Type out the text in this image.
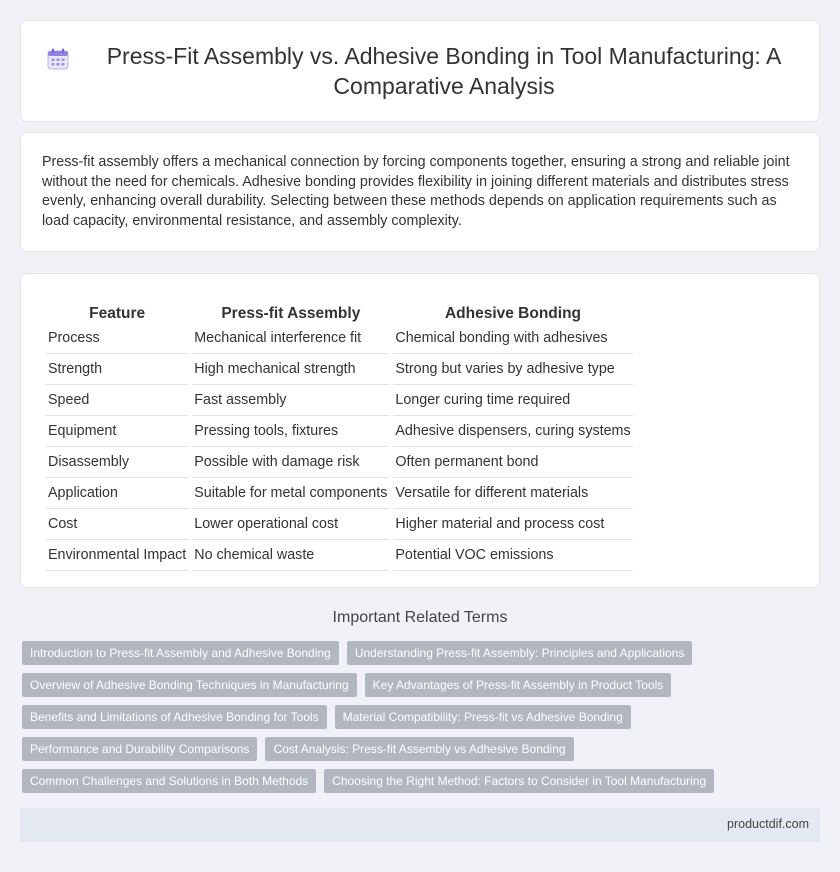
Press-Fit Assembly vs. Adhesive Bonding in Tool Manufacturing: A Comparative Analysis

Press-fit assembly offers a mechanical connection by forcing components together, ensuring a strong and reliable joint without the need for chemicals. Adhesive bonding provides flexibility in joining different materials and distributes stress evenly, enhancing overall durability. Selecting between these methods depends on application requirements such as load capacity, environmental resistance, and assembly complexity.

Feature	Press-fit Assembly	Adhesive Bonding
Process	Mechanical interference fit	Chemical bonding with adhesives
Strength	High mechanical strength	Strong but varies by adhesive type
Speed	Fast assembly	Longer curing time required
Equipment	Pressing tools, fixtures	Adhesive dispensers, curing systems
Disassembly	Possible with damage risk	Often permanent bond
Application	Suitable for metal components	Versatile for different materials
Cost	Lower operational cost	Higher material and process cost
Environmental Impact	No chemical waste	Potential VOC emissions
Important Related Terms
Introduction to Press-fit Assembly and Adhesive Bonding	Understanding Press-fit Assembly: Principles and Applications
Overview of Adhesive Bonding Techniques in Manufacturing	Key Advantages of Press-fit Assembly in Product Tools
Benefits and Limitations of Adhesive Bonding for Tools	Material Compatibility: Press-fit vs Adhesive Bonding
Performance and Durability Comparisons	Cost Analysis: Press-fit Assembly vs Adhesive Bonding
Common Challenges and Solutions in Both Methods	Choosing the Right Method: Factors to Consider in Tool Manufacturing
productdif.com
